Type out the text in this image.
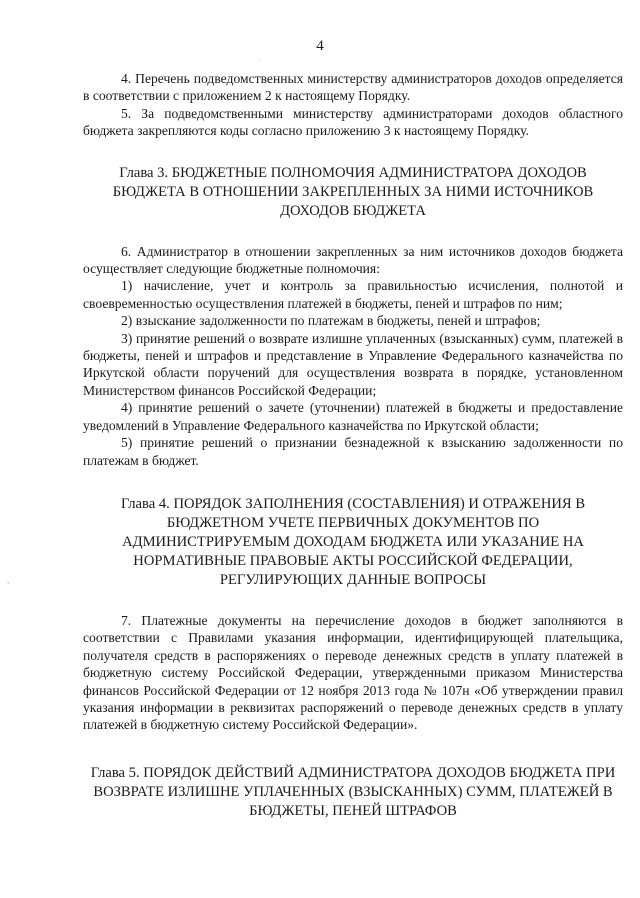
4

4. Перечень подведомственных министерству администраторов доходов определяется в соответствии с приложением 2 к настоящему Порядку.

5. За подведомственными министерству администраторами доходов областного бюджета закрепляются коды согласно приложению 3 к настоящему Порядку.

Глава 3. БЮДЖЕТНЫЕ ПОЛНОМОЧИЯ АДМИНИСТРАТОРА ДОХОДОВ БЮДЖЕТА В ОТНОШЕНИИ ЗАКРЕПЛЕННЫХ ЗА НИМИ ИСТОЧНИКОВ ДОХОДОВ БЮДЖЕТА

6. Администратор в отношении закрепленных за ним источников доходов бюджета осуществляет следующие бюджетные полномочия:

1) начисление, учет и контроль за правильностью исчисления, полнотой и своевременностью осуществления платежей в бюджеты, пеней и штрафов по ним;

2) взыскание задолженности по платежам в бюджеты, пеней и штрафов;

3) принятие решений о возврате излишне уплаченных (взысканных) сумм, платежей в бюджеты, пеней и штрафов и представление в Управление Федерального казначейства по Иркутской области поручений для осуществления возврата в порядке, установленном Министерством финансов Российской Федерации;

4) принятие решений о зачете (уточнении) платежей в бюджеты и предоставление уведомлений в Управление Федерального казначейства по Иркутской области;

5) принятие решений о признании безнадежной к взысканию задолженности по платежам в бюджет.

Глава 4. ПОРЯДОК ЗАПОЛНЕНИЯ (СОСТАВЛЕНИЯ) И ОТРАЖЕНИЯ В БЮДЖЕТНОМ УЧЕТЕ ПЕРВИЧНЫХ ДОКУМЕНТОВ ПО АДМИНИСТРИРУЕМЫМ ДОХОДАМ БЮДЖЕТА ИЛИ УКАЗАНИЕ НА НОРМАТИВНЫЕ ПРАВОВЫЕ АКТЫ РОССИЙСКОЙ ФЕДЕРАЦИИ, РЕГУЛИРУЮЩИХ ДАННЫЕ ВОПРОСЫ

7. Платежные документы на перечисление доходов в бюджет заполняются в соответствии с Правилами указания информации, идентифицирующей плательщика, получателя средств в распоряжениях о переводе денежных средств в уплату платежей в бюджетную систему Российской Федерации, утвержденными приказом Министерства финансов Российской Федерации от 12 ноября 2013 года № 107н «Об утверждении правил указания информации в реквизитах распоряжений о переводе денежных средств в уплату платежей в бюджетную систему Российской Федерации».

Глава 5. ПОРЯДОК ДЕЙСТВИЙ АДМИНИСТРАТОРА ДОХОДОВ БЮДЖЕТА ПРИ ВОЗВРАТЕ ИЗЛИШНЕ УПЛАЧЕННЫХ (ВЗЫСКАННЫХ) СУММ, ПЛАТЕЖЕЙ В БЮДЖЕТЫ, ПЕНЕЙ ШТРАФОВ
·
-
